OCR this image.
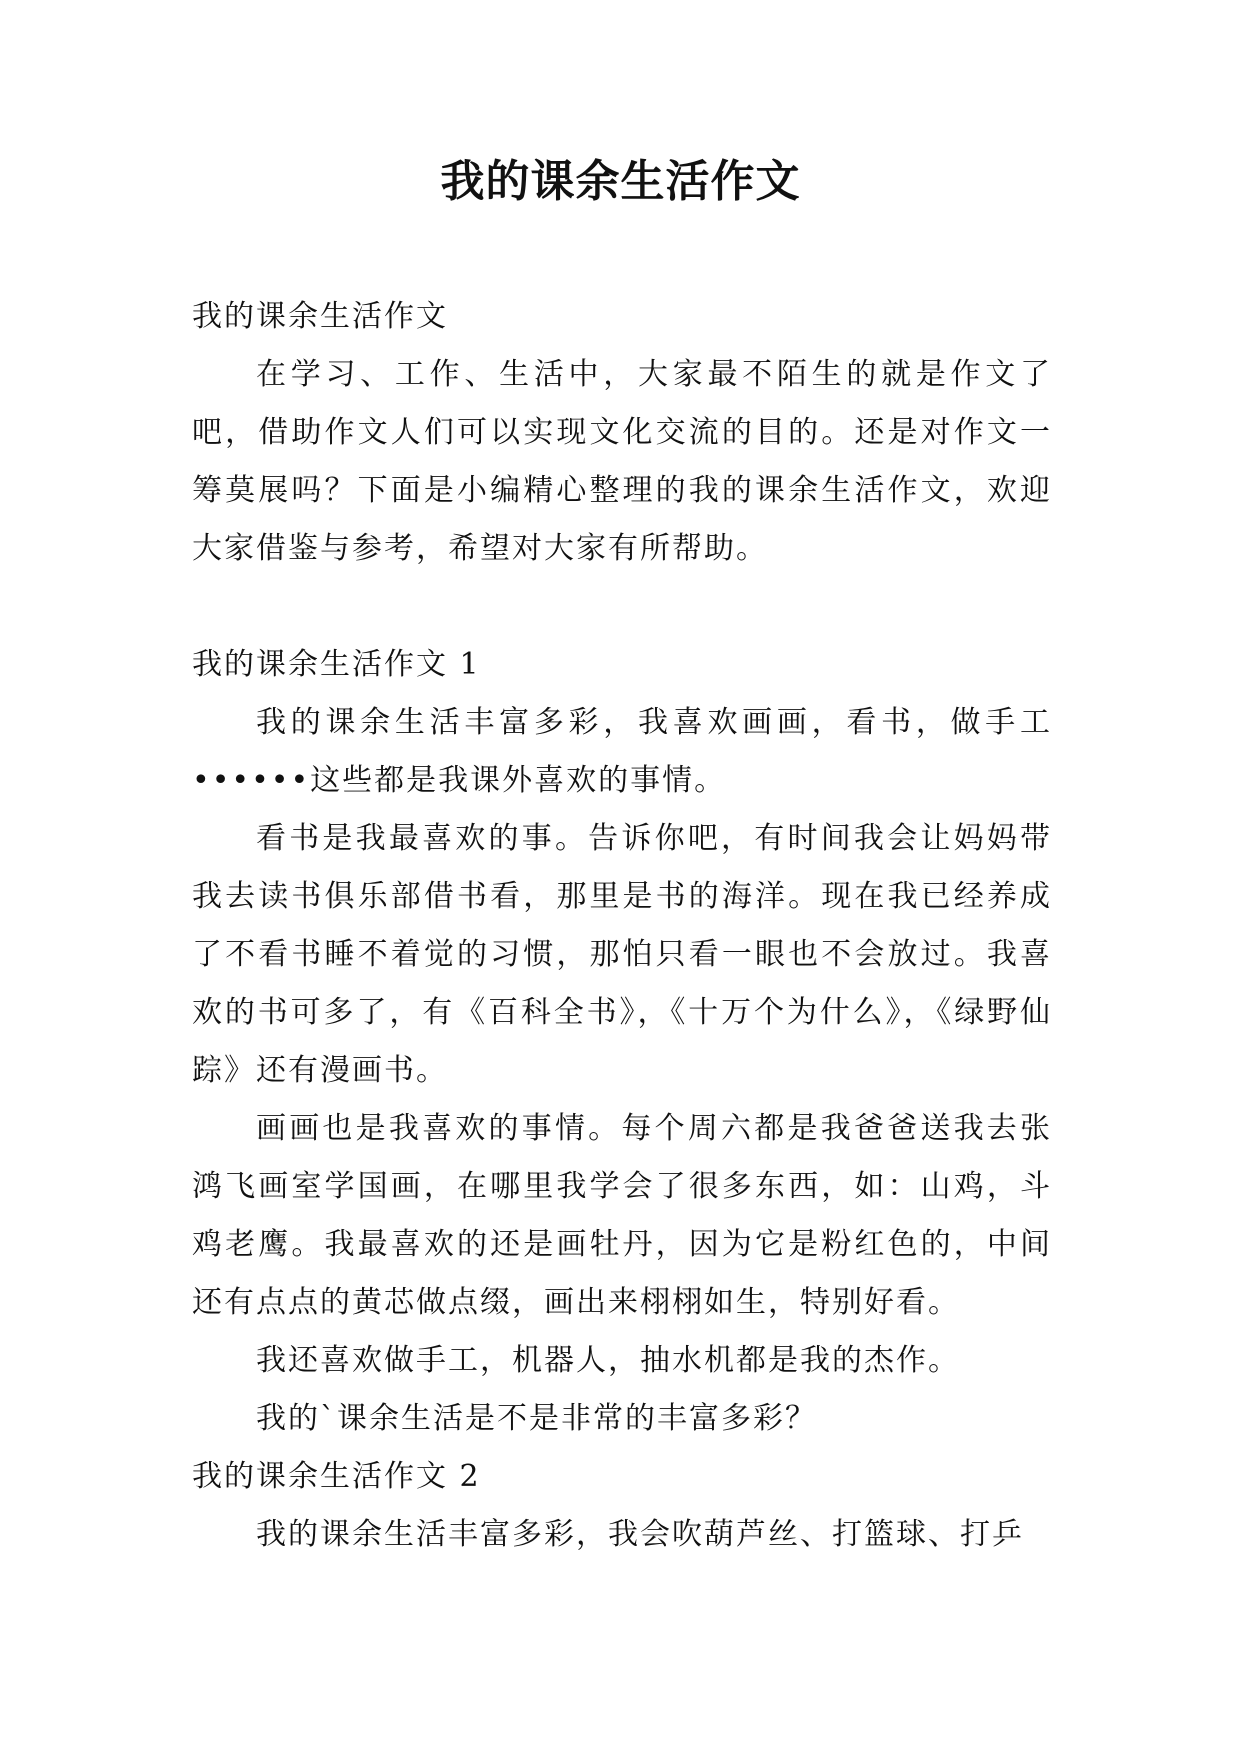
我的课余生活作文

我的课余生活作文

在学习、工作、生活中，大家最不陌生的就是作文了吧，借助作文人们可以实现文化交流的目的。还是对作文一筹莫展吗？下面是小编精心整理的我的课余生活作文，欢迎大家借鉴与参考，希望对大家有所帮助。

我的课余生活作文 1

我的课余生活丰富多彩，我喜欢画画，看书，做手工••••••这些都是我课外喜欢的事情。

看书是我最喜欢的事。告诉你吧，有时间我会让妈妈带我去读书俱乐部借书看，那里是书的海洋。现在我已经养成了不看书睡不着觉的习惯，那怕只看一眼也不会放过。我喜欢的书可多了，有《百科全书》，《十万个为什么》，《绿野仙踪》还有漫画书。

画画也是我喜欢的事情。每个周六都是我爸爸送我去张鸿飞画室学国画，在哪里我学会了很多东西，如：山鸡，斗鸡老鹰。我最喜欢的还是画牡丹，因为它是粉红色的，中间还有点点的黄芯做点缀，画出来栩栩如生，特别好看。

我还喜欢做手工，机器人，抽水机都是我的杰作。

我的`课余生活是不是非常的丰富多彩？

我的课余生活作文 2

我的课余生活丰富多彩，我会吹葫芦丝、打篮球、打乒
